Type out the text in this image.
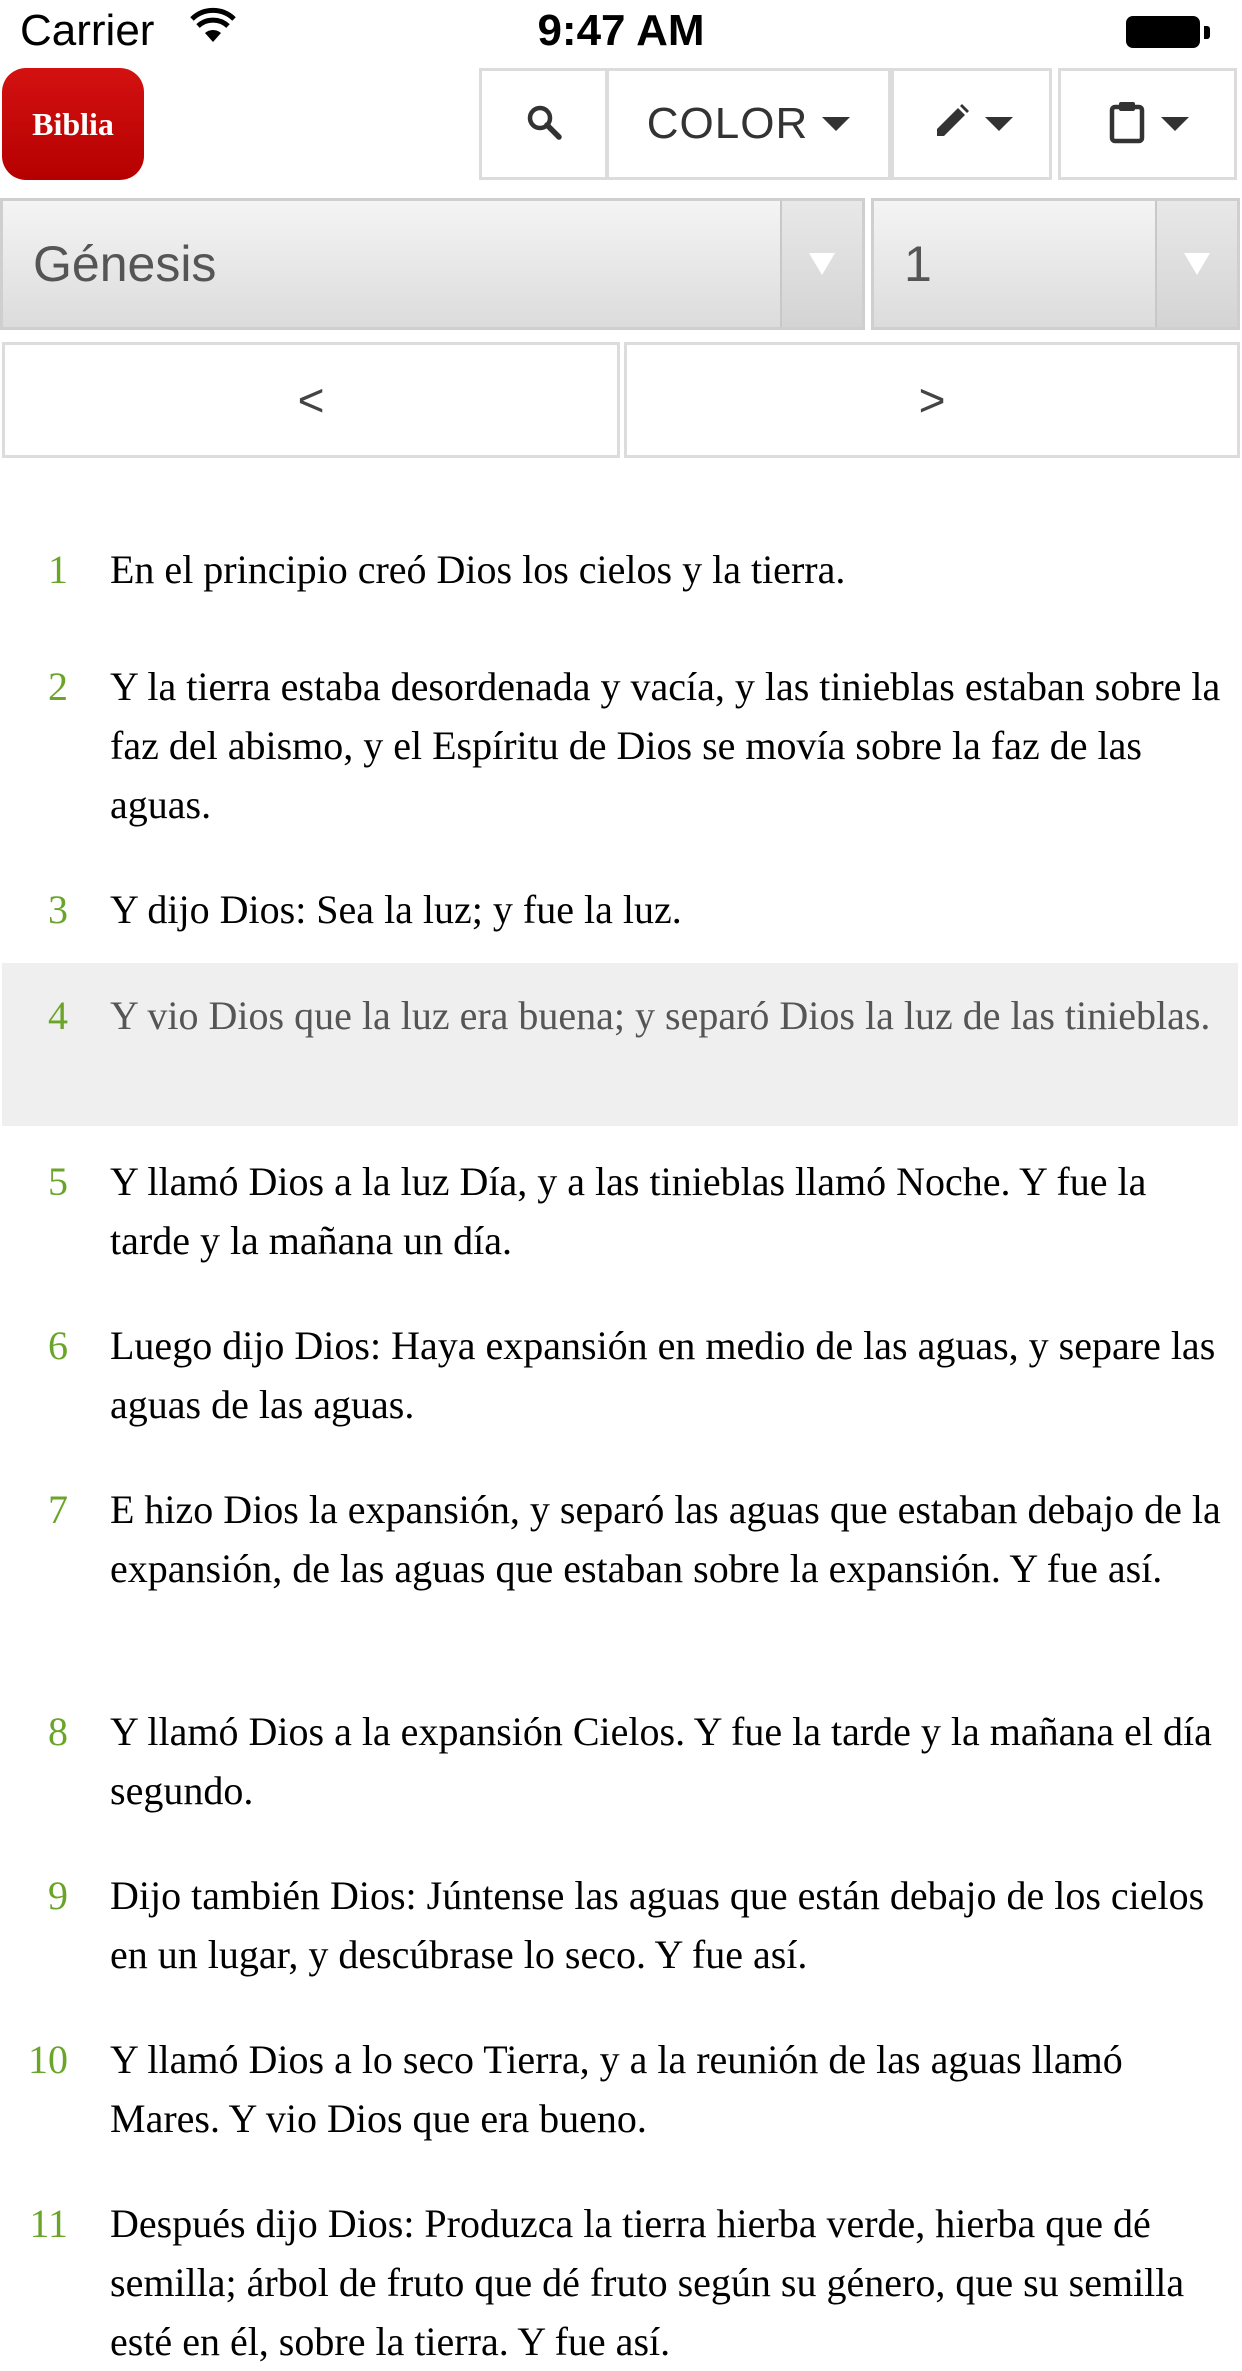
Carrier	9:47 AM
Biblia	COLOR
Génesis	1
<	>
1 En el principio creó Dios los cielos y la tierra.
2 Y la tierra estaba desordenada y vacía, y las tinieblas estaban sobre la faz del abismo, y el Espíritu de Dios se movía sobre la faz de las aguas.
3 Y dijo Dios: Sea la luz; y fue la luz.
4 Y vio Dios que la luz era buena; y separó Dios la luz de las tinieblas.
5 Y llamó Dios a la luz Día, y a las tinieblas llamó Noche. Y fue la tarde y la mañana un día.
6 Luego dijo Dios: Haya expansión en medio de las aguas, y separe las aguas de las aguas.
7 E hizo Dios la expansión, y separó las aguas que estaban debajo de la expansión, de las aguas que estaban sobre la expansión. Y fue así.
8 Y llamó Dios a la expansión Cielos. Y fue la tarde y la mañana el día segundo.
9 Dijo también Dios: Júntense las aguas que están debajo de los cielos en un lugar, y descúbrase lo seco. Y fue así.
10 Y llamó Dios a lo seco Tierra, y a la reunión de las aguas llamó Mares. Y vio Dios que era bueno.
11 Después dijo Dios: Produzca la tierra hierba verde, hierba que dé semilla; árbol de fruto que dé fruto según su género, que su semilla esté en él, sobre la tierra. Y fue así.
